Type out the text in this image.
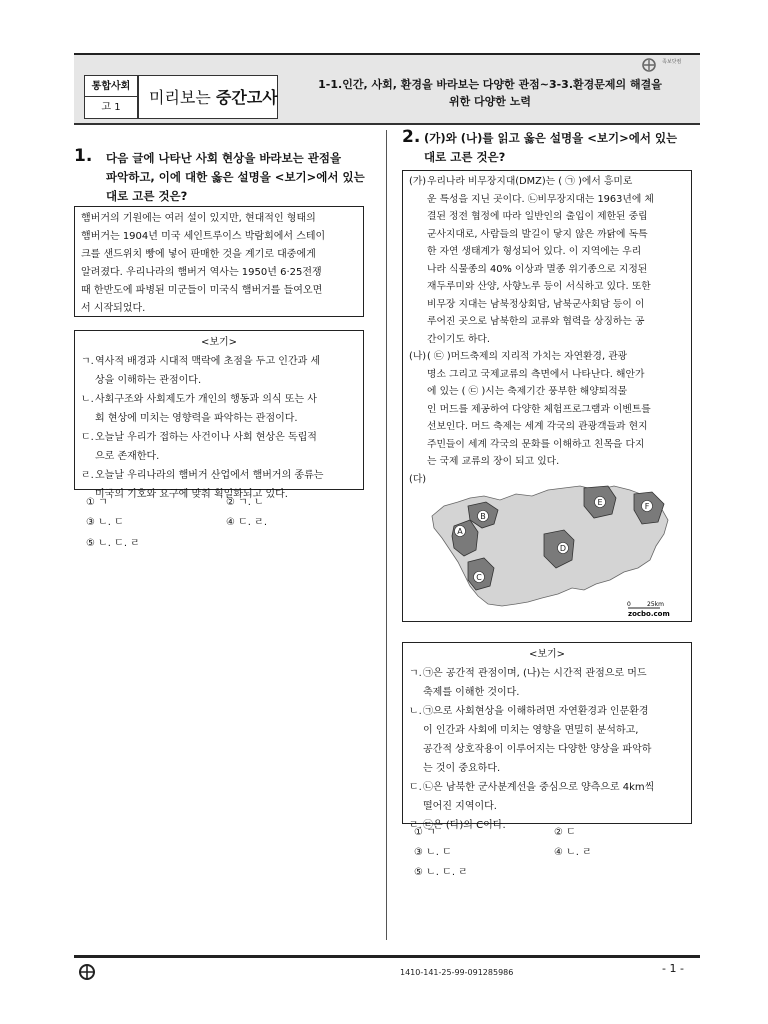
족보닷컴
통합사회
고 1
미리보는 중간고사
1-1.인간, 사회, 환경을 바라보는 다양한 관점~3-3.환경문제의 해결을
위한 다양한 노력
1. 다음 글에 나타난 사회 현상을 바라보는 관점을
파악하고, 이에 대한 옳은 설명을 <보기>에서 있는
대로 고른 것은?

햄버거의 기원에는 여러 설이 있지만, 현대적인 형태의

햄버거는 1904년 미국 세인트루이스 박람회에서 스테이

크를 샌드위치 빵에 넣어 판매한 것을 계기로 대중에게

알려졌다. 우리나라의 햄버거 역사는 1950년 6·25전쟁

때 한반도에 파병된 미군들이 미국식 햄버거를 들여오면

서 시작되었다.

<보기>
ㄱ. 역사적 배경과 시대적 맥락에 초점을 두고 인간과 세
상을 이해하는 관점이다.
ㄴ. 사회구조와 사회제도가 개인의 행동과 의식 또는 사
회 현상에 미치는 영향력을 파악하는 관점이다.
ㄷ. 오늘날 우리가 접하는 사건이나 사회 현상은 독립적
으로 존재한다.
ㄹ. 오늘날 우리나라의 햄버거 산업에서 햄버거의 종류는
미국의 기호와 요구에 맞춰 획일화되고 있다.
① ㄱ	② ㄱ. ㄴ
③ ㄴ. ㄷ	④ ㄷ. ㄹ.
⑤ ㄴ. ㄷ. ㄹ
2. (가)와 (나)를 읽고 옳은 설명을 <보기>에서 있는
대로 고른 것은?
(가) 우리나라 비무장지대(DMZ)는 ( ㉠ )에서 흥미로
운 특성을 지닌 곳이다. ㉡비무장지대는 1963년에 체
결된 정전 협정에 따라 일반인의 출입이 제한된 중립
군사지대로, 사람들의 발길이 닿지 않은 까닭에 독특
한 자연 생태계가 형성되어 있다. 이 지역에는 우리
나라 식물종의 40% 이상과 멸종 위기종으로 지정된
재두루미와 산양, 사향노루 등이 서식하고 있다. 또한
비무장 지대는 남북정상회담, 남북군사회담 등이 이
루어진 곳으로 남북한의 교류와 협력을 상징하는 공
간이기도 하다.
(나) ( ㉢ )머드축제의 지리적 가치는 자연환경, 관광
명소 그리고 국제교류의 측면에서 나타난다. 해안가
에 있는 ( ㉢ )시는 축제기간 풍부한 해양퇴적물
인 머드를 제공하여 다양한 체험프로그램과 이벤트를
선보인다. 머드 축제는 세계 각국의 관광객들과 현지
주민들이 세계 각국의 문화를 이해하고 친목을 다지
는 국제 교류의 장이 되고 있다.
(다)
A
B
C
D
E	F
0	25km
zocbo.com
<보기>
ㄱ. ㉠은 공간적 관점이며, (나)는 시간적 관점으로 머드
축제를 이해한 것이다.
ㄴ. ㉠으로 사회현상을 이해하려면 자연환경과 인문환경
이 인간과 사회에 미치는 영향을 면밀히 분석하고,
공간적 상호작용이 이루어지는 다양한 양상을 파악하
는 것이 중요하다.
ㄷ. ㉡은 남북한 군사분계선을 중심으로 양측으로 4km씩
떨어진 지역이다.
ㄹ. ㉢은 (다)의 C이다.
① ㄱ	② ㄷ
③ ㄴ. ㄷ	④ ㄴ. ㄹ
⑤ ㄴ. ㄷ. ㄹ
1410-141-25-99-091285986	- 1 -
